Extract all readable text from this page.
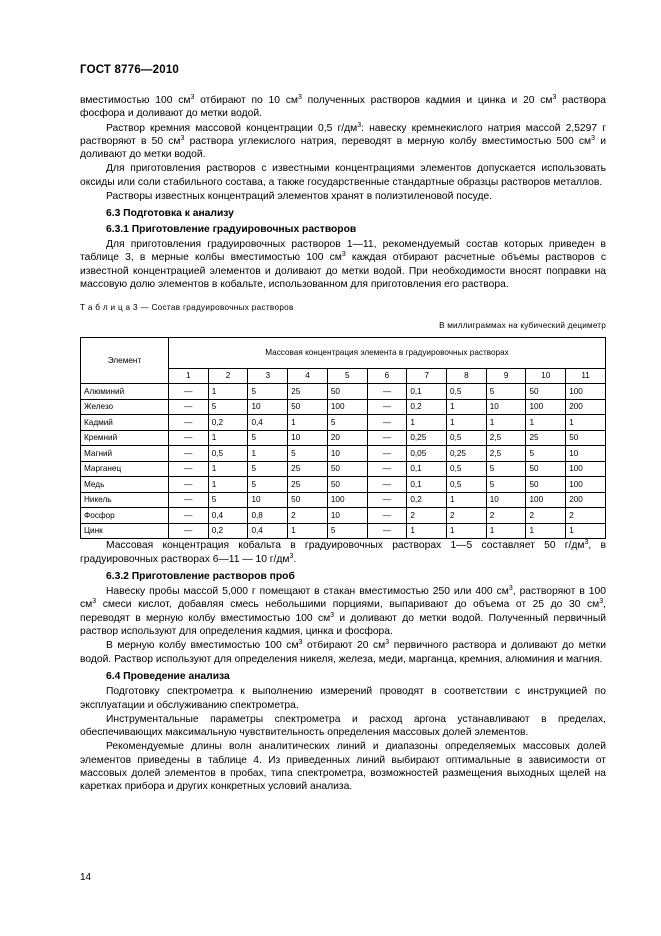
ГОСТ 8776—2010

вместимостью 100 $см^3$ отбирают по 10 $см^3$ полученных растворов кадмия и цинка и 20 $см^3$ раствора фосфора и доливают до метки водой.

Раствор кремния массовой концентрации 0,5 $г/дм^3$: навеску кремнекислого натрия массой 2,5297 г растворяют в 50 $см^3$ раствора углекислого натрия, переводят в мерную колбу вместимостью 500 $см^3$ и доливают до метки водой.

Для приготовления растворов с известными концентрациями элементов допускается использовать оксиды или соли стабильного состава, а также государственные стандартные образцы растворов металлов.

Растворы известных концентраций элементов хранят в полиэтиленовой посуде.

6.3 Подготовка к анализу
6.3.1 Приготовление градуировочных растворов

Для приготовления градуировочных растворов 1—11, рекомендуемый состав которых приведен в таблице 3, в мерные колбы вместимостью 100 $см^3$ каждая отбирают расчетные объемы растворов с известной концентрацией элементов и доливают до метки водой. При необходимости вносят поправки на массовую долю элементов в кобальте, использованном для приготовления его раствора.

Т а б л и ц а 3 — Состав градуировочных растворов
В миллиграммах на кубический дециметр
Элемент	Массовая концентрация элемента в градуировочных растворах										
	1	2	3	4	5	6	7	8	9	10	11
Алюминий	—	1	5	25	50	—	0,1	0,5	5	50	100
Железо	—	5	10	50	100	—	0,2	1	10	100	200
Кадмий	—	0,2	0,4	1	5	—	1	1	1	1	1
Кремний	—	1	5	10	20	—	0,25	0,5	2,5	25	50
Магний	—	0,5	1	5	10	—	0,05	0,25	2,5	5	10
Марганец	—	1	5	25	50	—	0,1	0,5	5	50	100
Медь	—	1	5	25	50	—	0,1	0,5	5	50	100
Никель	—	5	10	50	100	—	0,2	1	10	100	200
Фосфор	—	0,4	0,8	2	10	—	2	2	2	2	2
Цинк	—	0,2	0,4	1	5	—	1	1	1	1	1

Массовая концентрация кобальта в градуировочных растворах 1—5 составляет 50 $г/дм^3$, в градуировочных растворах 6—11 — 10 $г/дм^3$.

6.3.2 Приготовление растворов проб

Навеску пробы массой 5,000 г помещают в стакан вместимостью 250 или 400 $см^3$, растворяют в 100 $см^3$ смеси кислот, добавляя смесь небольшими порциями, выпаривают до объема от 25 до 30 $см^3$, переводят в мерную колбу вместимостью 100 $см^3$ и доливают до метки водой. Полученный первичный раствор используют для определения кадмия, цинка и фосфора.

В мерную колбу вместимостью 100 $см^3$ отбирают 20 $см^3$ первичного раствора и доливают до метки водой. Раствор используют для определения никеля, железа, меди, марганца, кремния, алюминия и магния.

6.4 Проведение анализа

Подготовку спектрометра к выполнению измерений проводят в соответствии с инструкцией по эксплуатации и обслуживанию спектрометра.

Инструментальные параметры спектрометра и расход аргона устанавливают в пределах, обеспечивающих максимальную чувствительность определения массовых долей элементов.

Рекомендуемые длины волн аналитических линий и диапазоны определяемых массовых долей элементов приведены в таблице 4. Из приведенных линий выбирают оптимальные в зависимости от массовых долей элементов в пробах, типа спектрометра, возможностей размещения выходных щелей на каретках прибора и других конкретных условий анализа.

14
